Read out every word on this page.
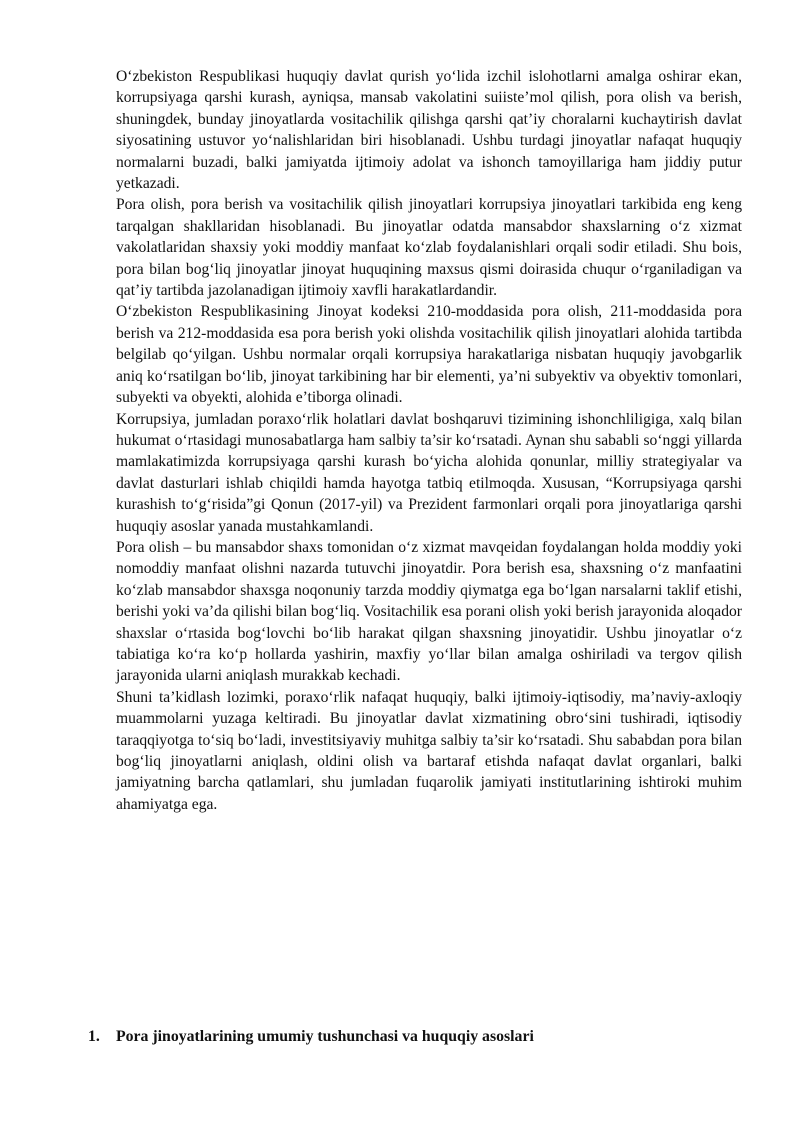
O‘zbekiston Respublikasi huquqiy davlat qurish yo‘lida izchil islohotlarni amalga oshirar ekan, korrupsiyaga qarshi kurash, ayniqsa, mansab vakolatini suiiste’mol qilish, pora olish va berish, shuningdek, bunday jinoyatlarda vositachilik qilishga qarshi qat’iy choralarni kuchaytirish davlat siyosatining ustuvor yo‘nalishlaridan biri hisoblanadi. Ushbu turdagi jinoyatlar nafaqat huquqiy normalarni buzadi, balki jamiyatda ijtimoiy adolat va ishonch tamoyillariga ham jiddiy putur yetkazadi.

Pora olish, pora berish va vositachilik qilish jinoyatlari korrupsiya jinoyatlari tarkibida eng keng tarqalgan shakllaridan hisoblanadi. Bu jinoyatlar odatda mansabdor shaxslarning o‘z xizmat vakolatlaridan shaxsiy yoki moddiy manfaat ko‘zlab foydalanishlari orqali sodir etiladi. Shu bois, pora bilan bog‘liq jinoyatlar jinoyat huquqining maxsus qismi doirasida chuqur o‘rganiladigan va qat’iy tartibda jazolanadigan ijtimoiy xavfli harakatlardandir.

O‘zbekiston Respublikasining Jinoyat kodeksi 210-moddasida pora olish, 211-moddasida pora berish va 212-moddasida esa pora berish yoki olishda vositachilik qilish jinoyatlari alohida tartibda belgilab qo‘yilgan. Ushbu normalar orqali korrupsiya harakatlariga nisbatan huquqiy javobgarlik aniq ko‘rsatilgan bo‘lib, jinoyat tarkibining har bir elementi, ya’ni subyektiv va obyektiv tomonlari, subyekti va obyekti, alohida e’tiborga olinadi.

Korrupsiya, jumladan poraxo‘rlik holatlari davlat boshqaruvi tizimining ishonchliligiga, xalq bilan hukumat o‘rtasidagi munosabatlarga ham salbiy ta’sir ko‘rsatadi. Aynan shu sababli so‘nggi yillarda mamlakatimizda korrupsiyaga qarshi kurash bo‘yicha alohida qonunlar, milliy strategiyalar va davlat dasturlari ishlab chiqildi hamda hayotga tatbiq etilmoqda. Xususan, “Korrupsiyaga qarshi kurashish to‘g‘risida”gi Qonun (2017-yil) va Prezident farmonlari orqali pora jinoyatlariga qarshi huquqiy asoslar yanada mustahkamlandi.

Pora olish – bu mansabdor shaxs tomonidan o‘z xizmat mavqeidan foydalangan holda moddiy yoki nomoddiy manfaat olishni nazarda tutuvchi jinoyatdir. Pora berish esa, shaxsning o‘z manfaatini ko‘zlab mansabdor shaxsga noqonuniy tarzda moddiy qiymatga ega bo‘lgan narsalarni taklif etishi, berishi yoki va’da qilishi bilan bog‘liq. Vositachilik esa porani olish yoki berish jarayonida aloqador shaxslar o‘rtasida bog‘lovchi bo‘lib harakat qilgan shaxsning jinoyatidir. Ushbu jinoyatlar o‘z tabiatiga ko‘ra ko‘p hollarda yashirin, maxfiy yo‘llar bilan amalga oshiriladi va tergov qilish jarayonida ularni aniqlash murakkab kechadi.

Shuni ta’kidlash lozimki, poraxo‘rlik nafaqat huquqiy, balki ijtimoiy-iqtisodiy, ma’naviy-axloqiy muammolarni yuzaga keltiradi. Bu jinoyatlar davlat xizmatining obro‘sini tushiradi, iqtisodiy taraqqiyotga to‘siq bo‘ladi, investitsiyaviy muhitga salbiy ta’sir ko‘rsatadi. Shu sababdan pora bilan bog‘liq jinoyatlarni aniqlash, oldini olish va bartaraf etishda nafaqat davlat organlari, balki jamiyatning barcha qatlamlari, shu jumladan fuqarolik jamiyati institutlarining ishtiroki muhim ahamiyatga ega.

1. Pora jinoyatlarining umumiy tushunchasi va huquqiy asoslari
